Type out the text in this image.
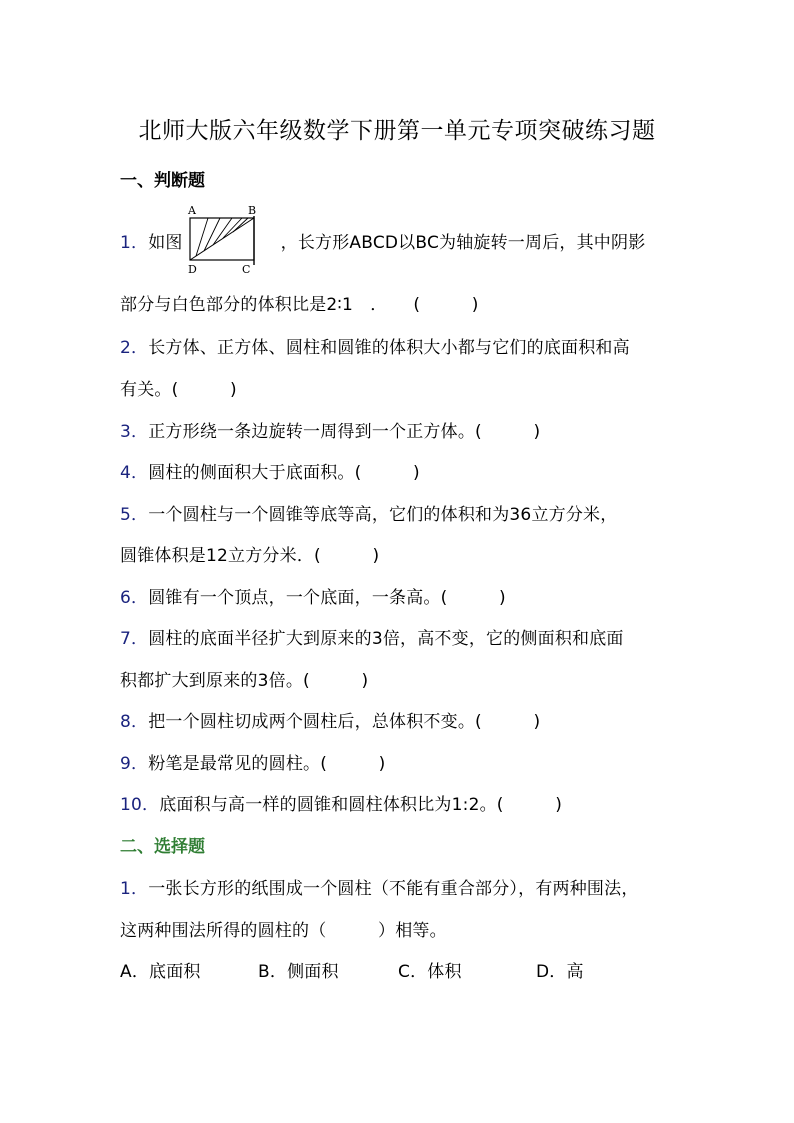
北师大版六年级数学下册第一单元专项突破练习题
一、判断题
1．如图	，长方形ABCD以BC为轴旋转一周后，其中阴影
A	B
D	C
部分与白色部分的体积比是2∶1　．　　(　　　)
2．长方体、正方体、圆柱和圆锥的体积大小都与它们的底面积和高
有关。(　　　)
3．正方形绕一条边旋转一周得到一个正方体。(　　　)
4．圆柱的侧面积大于底面积。(　　　)
5．一个圆柱与一个圆锥等底等高，它们的体积和为36立方分米，
圆锥体积是12立方分米．(　　　)
6．圆锥有一个顶点，一个底面，一条高。(　　　)
7．圆柱的底面半径扩大到原来的3倍，高不变，它的侧面积和底面
积都扩大到原来的3倍。(　　　)
8．把一个圆柱切成两个圆柱后，总体积不变。(　　　)
9．粉笔是最常见的圆柱。(　　　)
10．底面积与高一样的圆锥和圆柱体积比为1:2。(　　　)
二、选择题
1．一张长方形的纸围成一个圆柱（不能有重合部分），有两种围法，
这两种围法所得的圆柱的（　　　）相等。
A．底面积	B．侧面积	C．体积	D．高
